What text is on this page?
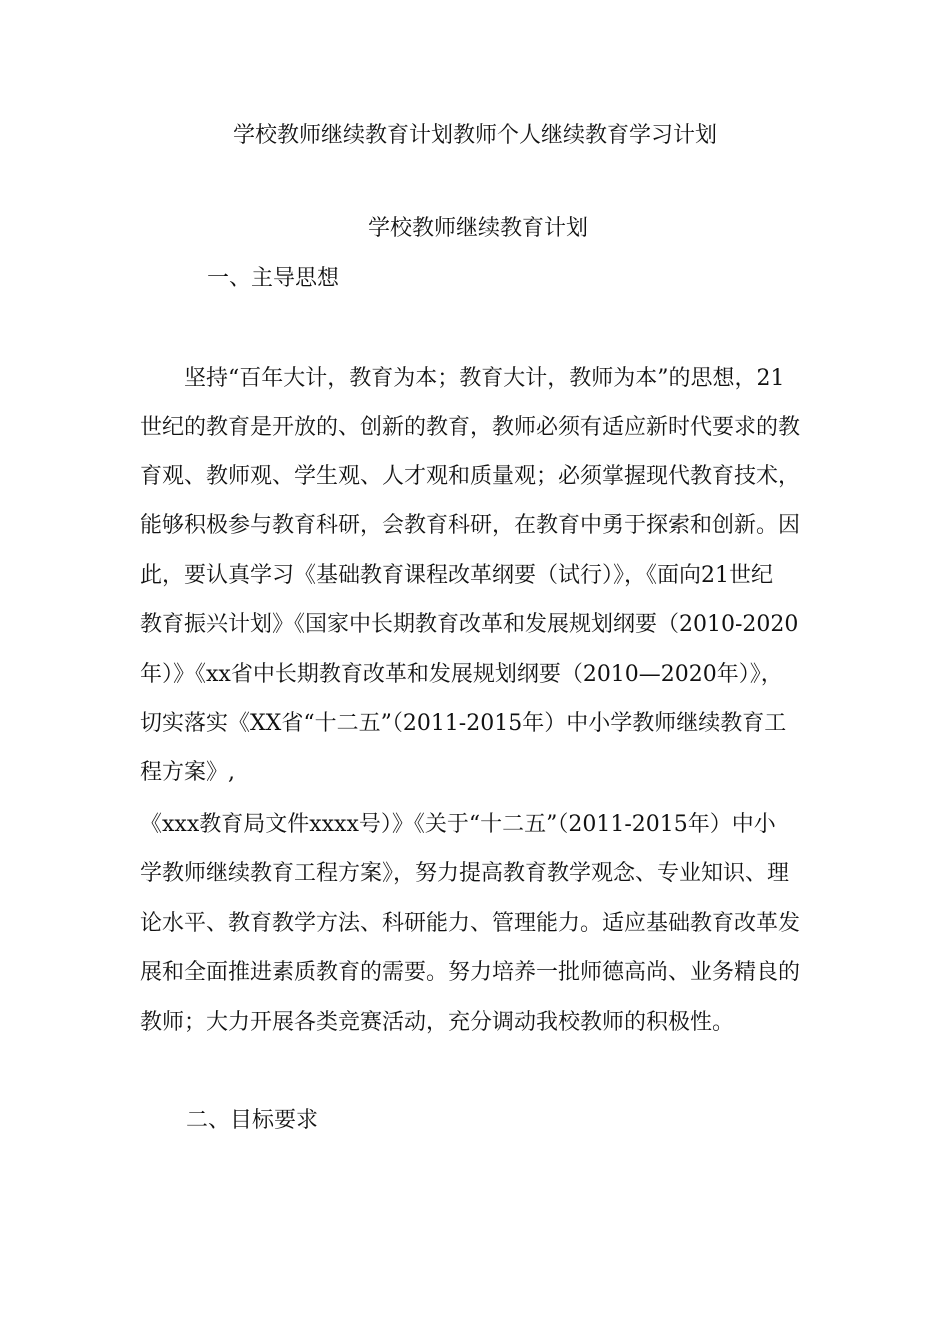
学校教师继续教育计划教师个人继续教育学习计划
学校教师继续教育计划
一、主导思想
　　坚持“百年大计，教育为本；教育大计，教师为本”的思想，21
世纪的教育是开放的、创新的教育，教师必须有适应新时代要求的教
育观、教师观、学生观、人才观和质量观；必须掌握现代教育技术，
能够积极参与教育科研，会教育科研，在教育中勇于探索和创新。因
此，要认真学习《基础教育课程改革纲要（试行）》，《面向21世纪
教育振兴计划》《国家中长期教育改革和发展规划纲要（2010-2020
年）》《xx省中长期教育改革和发展规划纲要（2010—2020年）》，
切实落实《XX省“十二五”（2011-2015年）中小学教师继续教育工
程方案》,
《xxx教育局文件xxxx号）》《关于“十二五”（2011-2015年）中小
学教师继续教育工程方案》，努力提高教育教学观念、专业知识、理
论水平、教育教学方法、科研能力、管理能力。适应基础教育改革发
展和全面推进素质教育的需要。努力培养一批师德高尚、业务精良的
教师；大力开展各类竞赛活动，充分调动我校教师的积极性。
二、目标要求
